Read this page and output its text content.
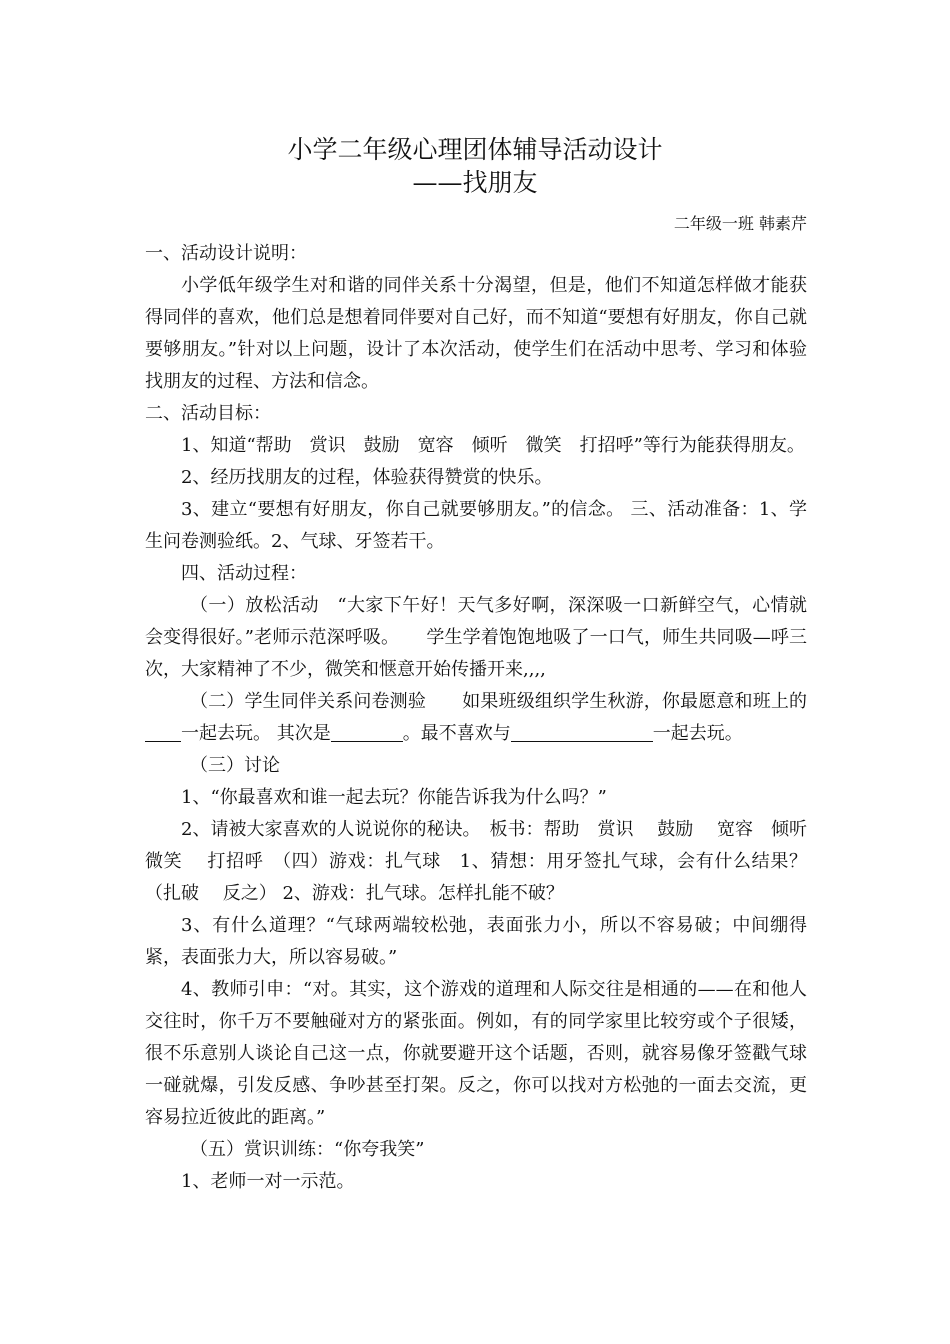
小学二年级心理团体辅导活动设计
——找朋友
二年级一班 韩素芹

一、活动设计说明：

小学低年级学生对和谐的同伴关系十分渴望，但是，他们不知道怎样做才能获得同伴的喜欢，他们总是想着同伴要对自己好，而不知道“要想有好朋友，你自己就要够朋友。”针对以上问题，设计了本次活动，使学生们在活动中思考、学习和体验找朋友的过程、方法和信念。

二、活动目标：

1、知道“帮助　赏识　鼓励　宽容　倾听　微笑　打招呼”等行为能获得朋友。

2、经历找朋友的过程，体验获得赞赏的快乐。

3、建立“要想有好朋友，你自己就要够朋友。”的信念。 三、活动准备：1、学生问卷测验纸。2、气球、牙签若干。

四、活动过程：

（一）放松活动　“大家下午好！天气多好啊，深深吸一口新鲜空气，心情就会变得很好。”老师示范深呼吸。　　学生学着饱饱地吸了一口气，师生共同吸—呼三次，大家精神了不少，微笑和惬意开始传播开来,,,,

（二）学生同伴关系问卷测验　　如果班级组织学生秋游，你最愿意和班上的一起去玩。 其次是	。最不喜欢与	一起去玩。

（三）讨论

1、“你最喜欢和谁一起去玩？你能告诉我为什么吗？”

2、请被大家喜欢的人说说你的秘诀。　板书：帮助　赏识　 鼓励　 宽容　倾听　微笑　 打招呼　（四）游戏：扎气球　1、猜想：用牙签扎气球，会有什么结果？（扎破　 反之） 2、游戏：扎气球。怎样扎能不破？

3、有什么道理？“气球两端较松弛，表面张力小，所以不容易破；中间绷得紧，表面张力大，所以容易破。”

4、教师引申：“对。其实，这个游戏的道理和人际交往是相通的——在和他人交往时，你千万不要触碰对方的紧张面。例如，有的同学家里比较穷或个子很矮，很不乐意别人谈论自己这一点，你就要避开这个话题，否则，就容易像牙签戳气球一碰就爆，引发反感、争吵甚至打架。反之，你可以找对方松弛的一面去交流，更容易拉近彼此的距离。”

（五）赏识训练：“你夸我笑”

1、老师一对一示范。
